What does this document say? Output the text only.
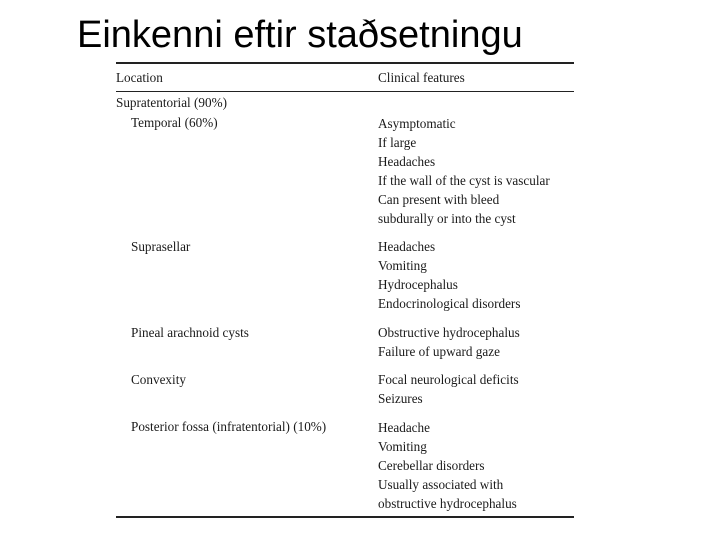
Einkenni eftir staðsetningu
Location	Clinical features
Supratentorial (90%)
Temporal (60%)	Asymptomatic
If large
Headaches
If the wall of the cyst is vascular
Can present with bleed
subdurally or into the cyst
Suprasellar	Headaches
Vomiting
Hydrocephalus
Endocrinological disorders
Pineal arachnoid cysts	Obstructive hydrocephalus
Failure of upward gaze
Convexity	Focal neurological deficits
Seizures
Posterior fossa (infratentorial) (10%)	Headache
Vomiting
Cerebellar disorders
Usually associated with
obstructive hydrocephalus
